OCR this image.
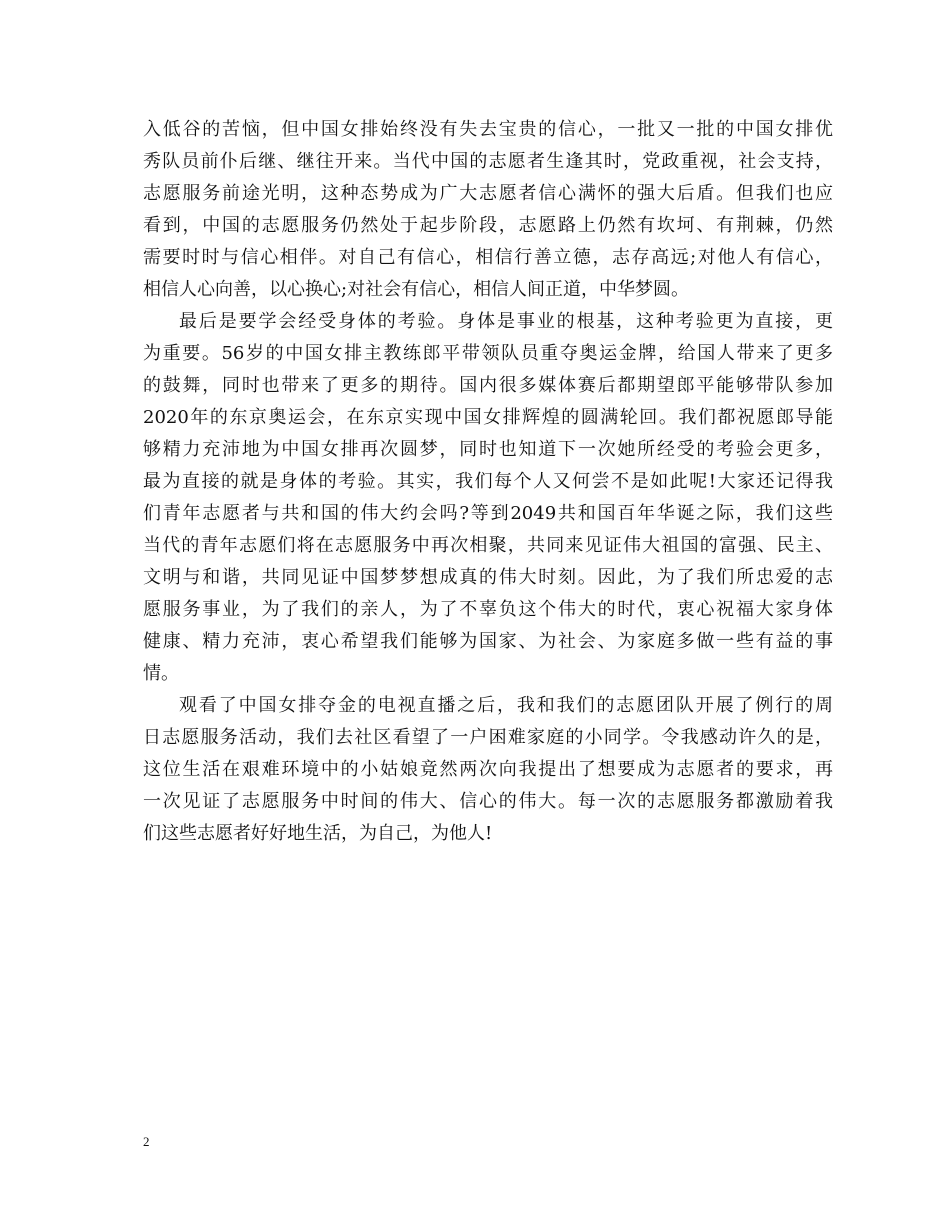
入低谷的苦恼，但中国女排始终没有失去宝贵的信心，一批又一批的中国女排优
秀队员前仆后继、继往开来。当代中国的志愿者生逢其时，党政重视，社会支持，
志愿服务前途光明，这种态势成为广大志愿者信心满怀的强大后盾。但我们也应
看到，中国的志愿服务仍然处于起步阶段，志愿路上仍然有坎坷、有荆棘，仍然
需要时时与信心相伴。对自己有信心，相信行善立德，志存高远;对他人有信心，
相信人心向善，以心换心;对社会有信心，相信人间正道，中华梦圆。
最后是要学会经受身体的考验。身体是事业的根基，这种考验更为直接，更
为重要。56岁的中国女排主教练郎平带领队员重夺奥运金牌，给国人带来了更多
的鼓舞，同时也带来了更多的期待。国内很多媒体赛后都期望郎平能够带队参加
2020年的东京奥运会，在东京实现中国女排辉煌的圆满轮回。我们都祝愿郎导能
够精力充沛地为中国女排再次圆梦，同时也知道下一次她所经受的考验会更多，
最为直接的就是身体的考验。其实，我们每个人又何尝不是如此呢!大家还记得我
们青年志愿者与共和国的伟大约会吗?等到2049共和国百年华诞之际，我们这些
当代的青年志愿们将在志愿服务中再次相聚，共同来见证伟大祖国的富强、民主、
文明与和谐，共同见证中国梦梦想成真的伟大时刻。因此，为了我们所忠爱的志
愿服务事业，为了我们的亲人，为了不辜负这个伟大的时代，衷心祝福大家身体
健康、精力充沛，衷心希望我们能够为国家、为社会、为家庭多做一些有益的事
情。
观看了中国女排夺金的电视直播之后，我和我们的志愿团队开展了例行的周
日志愿服务活动，我们去社区看望了一户困难家庭的小同学。令我感动许久的是，
这位生活在艰难环境中的小姑娘竟然两次向我提出了想要成为志愿者的要求，再
一次见证了志愿服务中时间的伟大、信心的伟大。每一次的志愿服务都激励着我
们这些志愿者好好地生活，为自己，为他人!
2
